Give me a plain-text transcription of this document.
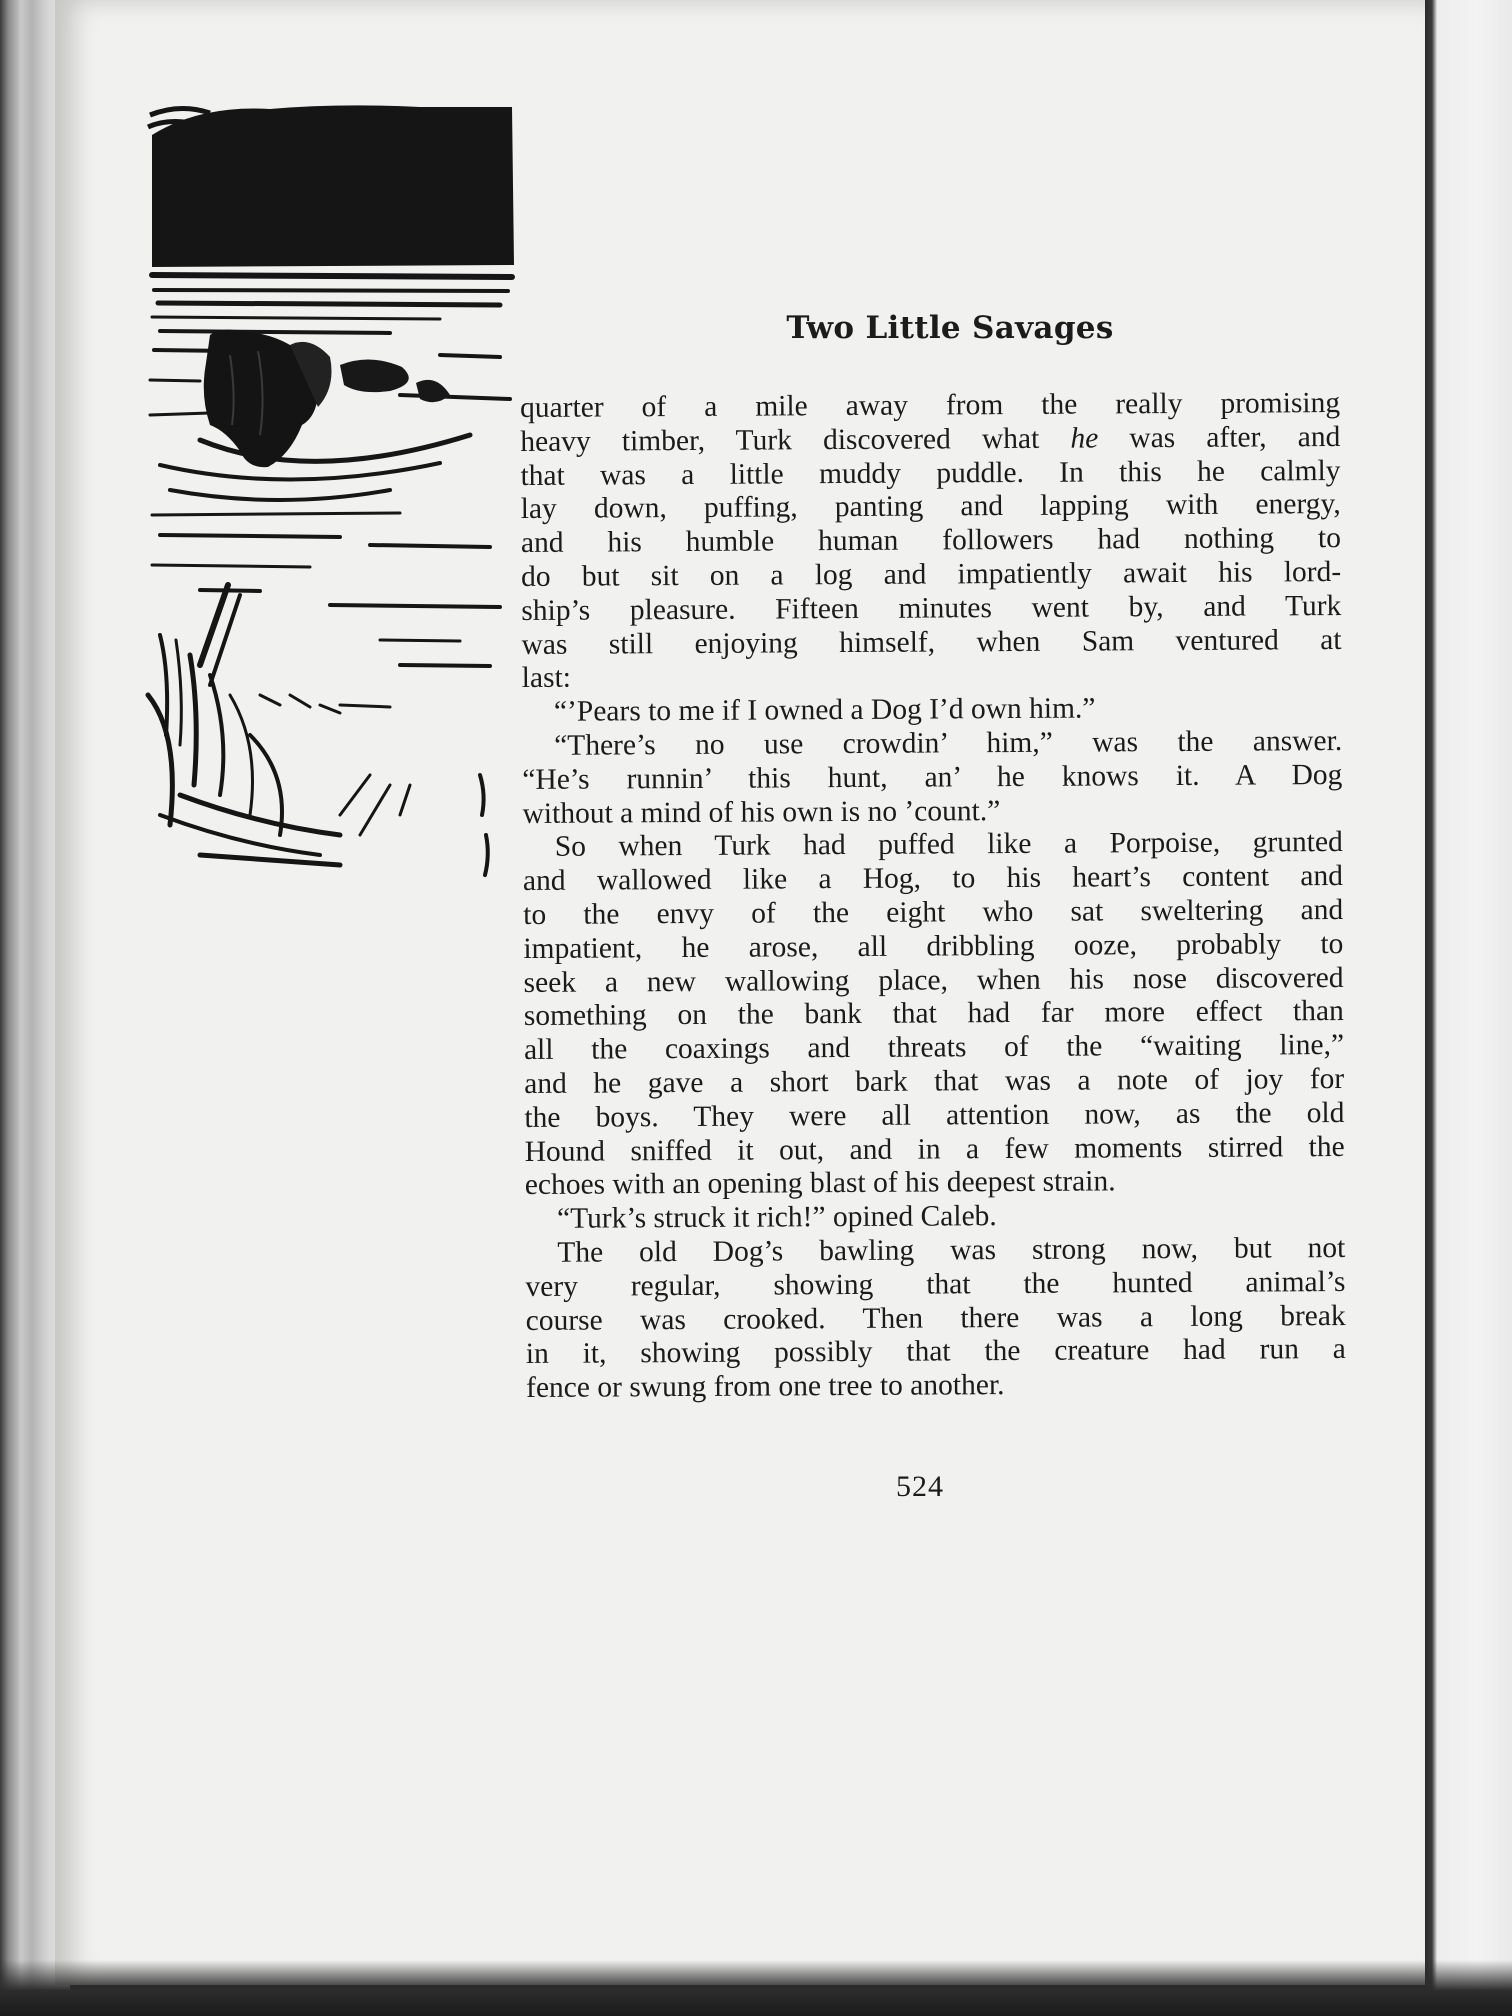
Two Little Savages
quarter of a mile away from the really promising
heavy timber, Turk discovered what he was after, and
that was a little muddy puddle. In this he calmly
lay down, puffing, panting and lapping with energy,
and his humble human followers had nothing to
do but sit on a log and impatiently await his lord-
ship’s pleasure. Fifteen minutes went by, and Turk
was still enjoying himself, when Sam ventured at
last:
“’Pears to me if I owned a Dog I’d own him.”
“There’s no use crowdin’ him,” was the answer.
“He’s runnin’ this hunt, an’ he knows it. A Dog
without a mind of his own is no ’count.”
So when Turk had puffed like a Porpoise, grunted
and wallowed like a Hog, to his heart’s content and
to the envy of the eight who sat sweltering and
impatient, he arose, all dribbling ooze, probably to
seek a new wallowing place, when his nose discovered
something on the bank that had far more effect than
all the coaxings and threats of the “waiting line,”
and he gave a short bark that was a note of joy for
the boys. They were all attention now, as the old
Hound sniffed it out, and in a few moments stirred the
echoes with an opening blast of his deepest strain.
“Turk’s struck it rich!” opined Caleb.
The old Dog’s bawling was strong now, but not
very regular, showing that the hunted animal’s
course was crooked. Then there was a long break
in it, showing possibly that the creature had run a
fence or swung from one tree to another.
524
